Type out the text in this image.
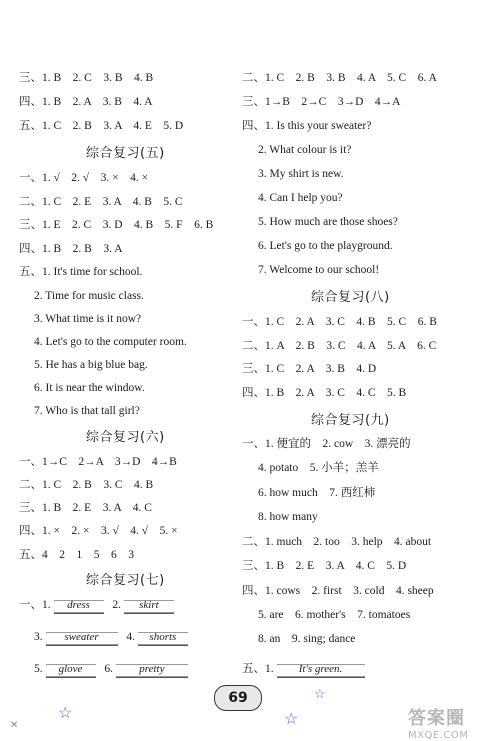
三、1. B　2. C　3. B　4. B
四、1. B　2. A　3. B　4. A
五、1. C　2. B　3. A　4. E　5. D
综合复习(五)
一、1. √　2. √　3. ×　4. ×
二、1. C　2. E　3. A　4. B　5. C
三、1. E　2. C　3. D　4. B　5. F　6. B
四、1. B　2. B　3. A
五、1. It's time for school.
2. Time for music class.
3. What time is it now?
4. Let's go to the computer room.
5. He has a big blue bag.
6. It is near the window.
7. Who is that tall girl?
综合复习(六)
一、1→C　2→A　3→D　4→B
二、1. C　2. B　3. C　4. B
三、1. B　2. E　3. A　4. C
四、1. ×　2. ×　3. √　4. √　5. ×
五、4　2　1　5　6　3
综合复习(七)
一、1. dress 2. skirt
3. sweater 4. shorts
5. glove 6. pretty
二、1. C　2. B　3. B　4. A　5. C　6. A
三、1→B　2→C　3→D　4→A
四、1. Is this your sweater?
2. What colour is it?
3. My shirt is new.
4. Can I help you?
5. How much are those shoes?
6. Let's go to the playground.
7. Welcome to our school!
综合复习(八)
一、1. C　2. A　3. C　4. B　5. C　6. B
二、1. A　2. B　3. C　4. A　5. A　6. C
三、1. C　2. A　3. B　4. D
四、1. B　2. A　3. C　4. C　5. B
综合复习(九)
一、1. 便宜的　2. cow　3. 漂亮的
4. potato　5. 小羊；羔羊
6. how much　7. 西红柿
8. how many
二、1. much　2. too　3. help　4. about
三、1. B　2. E　3. A　4. C　5. D
四、1. cows　2. first　3. cold　4. sheep
5. are　6. mother's　7. tomatoes
8. an　9. sing; dance
五、1. It's green.
69
☆	☆
☆
✕	答案圈
MXQE.COM
